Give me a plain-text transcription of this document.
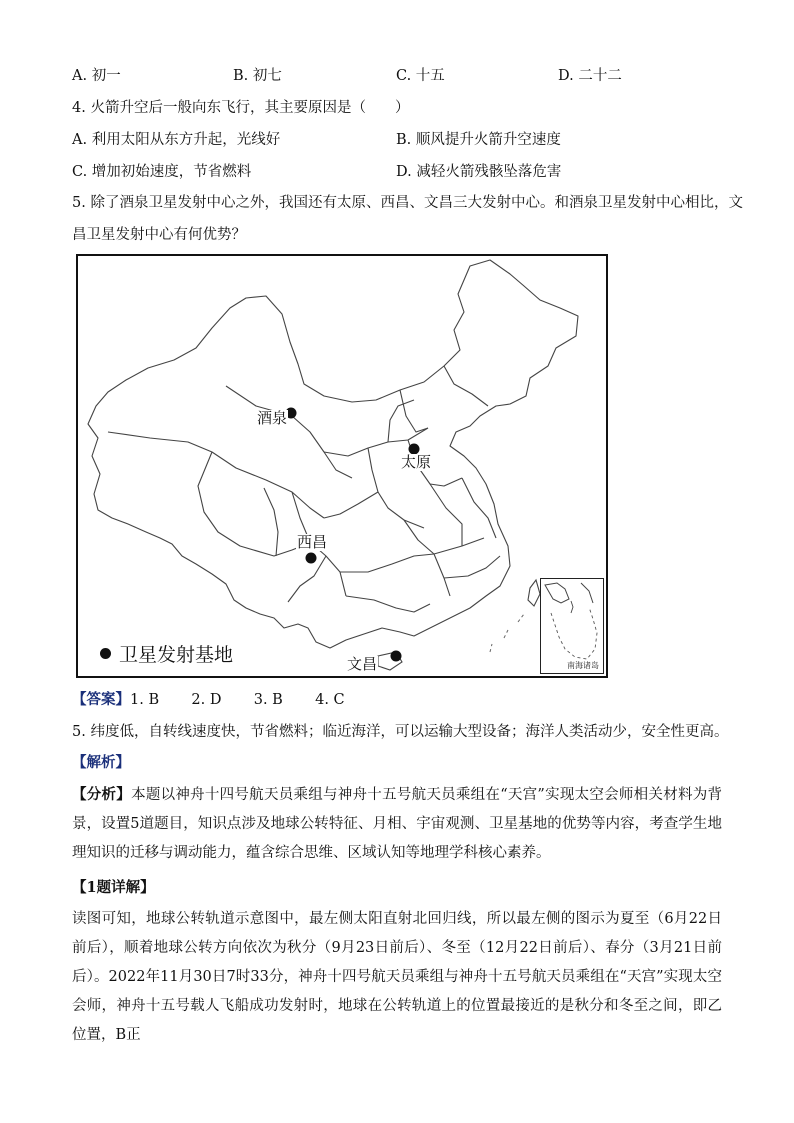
A. 初一	B. 初七	C. 十五	D. 二十二
4. 火箭升空后一般向东飞行，其主要原因是（　　）
A. 利用太阳从东方升起，光线好	B. 顺风提升火箭升空速度
C. 增加初始速度，节省燃料	D. 减轻火箭残骸坠落危害
5. 除了酒泉卫星发射中心之外，我国还有太原、西昌、文昌三大发射中心。和酒泉卫星发射中心相比，文
昌卫星发射中心有何优势？
酒泉
太原
西昌
文昌
卫星发射基地	南海诸岛
【答案】1. B 2. D 3. B 4. C
5. 纬度低，自转线速度快，节省燃料；临近海洋，可以运输大型设备；海洋人类活动少，安全性更高。
【解析】
【分析】本题以神舟十四号航天员乘组与神舟十五号航天员乘组在“天宫”实现太空会师相关材料为背景，设置5道题目，知识点涉及地球公转特征、月相、宇宙观测、卫星基地的优势等内容，考查学生地理知识的迁移与调动能力，蕴含综合思维、区域认知等地理学科核心素养。
【1题详解】
读图可知，地球公转轨道示意图中，最左侧太阳直射北回归线，所以最左侧的图示为夏至（6月22日前后），顺着地球公转方向依次为秋分（9月23日前后）、冬至（12月22日前后）、春分（3月21日前后）。2022年11月30日7时33分，神舟十四号航天员乘组与神舟十五号航天员乘组在“天宫”实现太空会师，神舟十五号载人飞船成功发射时，地球在公转轨道上的位置最接近的是秋分和冬至之间，即乙位置，B正
